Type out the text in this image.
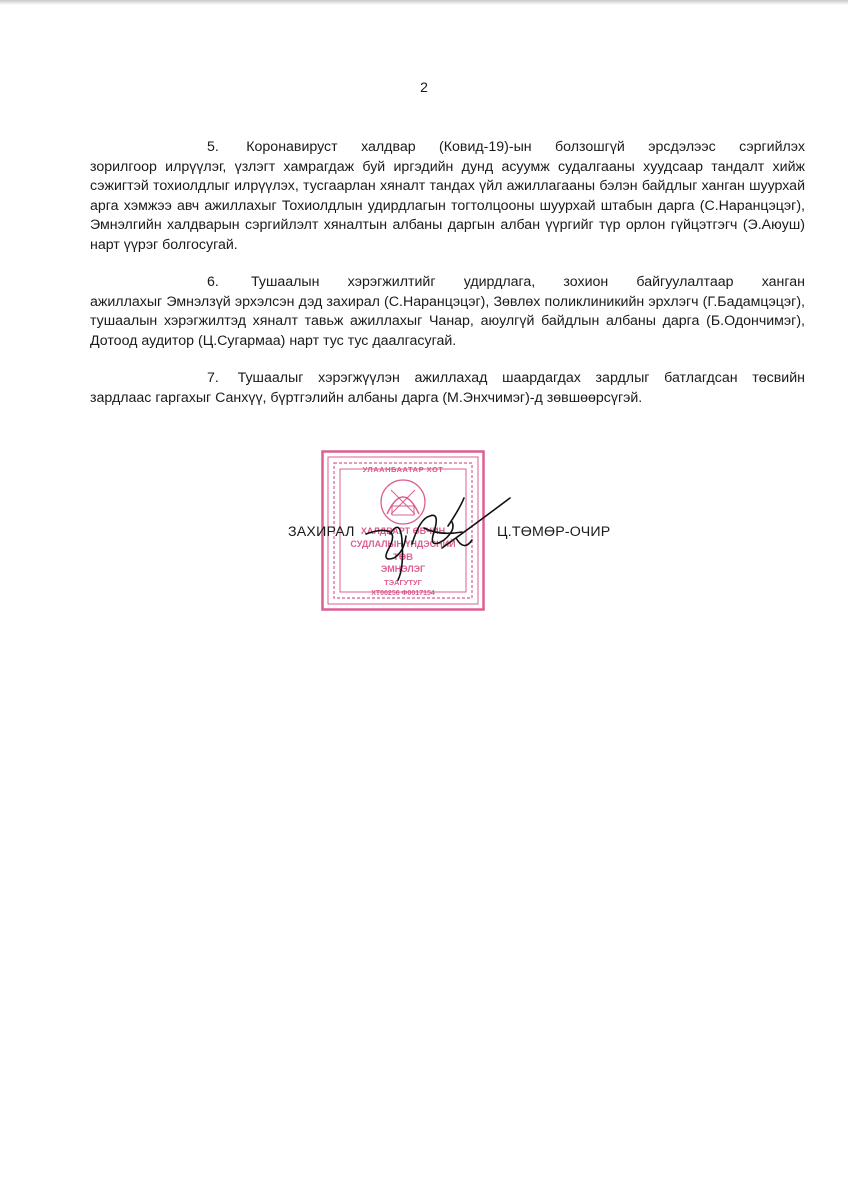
2

5. Коронавируст халдвар (Ковид-19)-ын болзошгүй эрсдэлээс сэргийлэх
зорилгоор илрүүлэг, үзлэгт хамрагдаж буй иргэдийн дунд асуумж судалгааны хуудсаар тандалт хийж сэжигтэй тохиолдлыг илрүүлэх, тусгаарлан хяналт тандах үйл ажиллагааны бэлэн байдлыг ханган шуурхай арга хэмжээ авч ажиллахыг Тохиолдлын удирдлагын тогтолцооны шуурхай штабын дарга (С.Наранцэцэг), Эмнэлгийн халдварын сэргийлэлт хяналтын албаны даргын албан үүргийг түр орлон гүйцэтгэгч (Э.Аюуш) нарт үүрэг болгосугай.

6. Тушаалын хэрэгжилтийг удирдлага, зохион байгуулалтаар ханган
ажиллахыг Эмнэлзүй эрхэлсэн дэд захирал (С.Наранцэцэг), Зөвлөх поликлиникийн эрхлэгч (Г.Бадамцэцэг), тушаалын хэрэгжилтэд хяналт тавьж ажиллахыг Чанар, аюулгүй байдлын албаны дарга (Б.Одончимэг), Дотоод аудитор (Ц.Сугармаа) нарт тус тус даалгасугай.

7. Тушаалыг хэрэгжүүлэн ажиллахад шаардагдах зардлыг батлагдсан төсвийн
зардлаас гаргахыг Санхүү, бүртгэлийн албаны дарга (М.Энхчимэг)-д зөвшөөрсүгэй.

УЛААНБААТАР ХОТ
ХАЛДВАРТ ӨВЧИН
СУДЛАЛЫН ҮНДЭСНИЙ
ТӨВ
ЭМНЭЛЭГ
ТЭАГУТУГ
ХТ00256 Ф0017154
ЗАХИРАЛ	Ц.ТӨМӨР-ОЧИР
